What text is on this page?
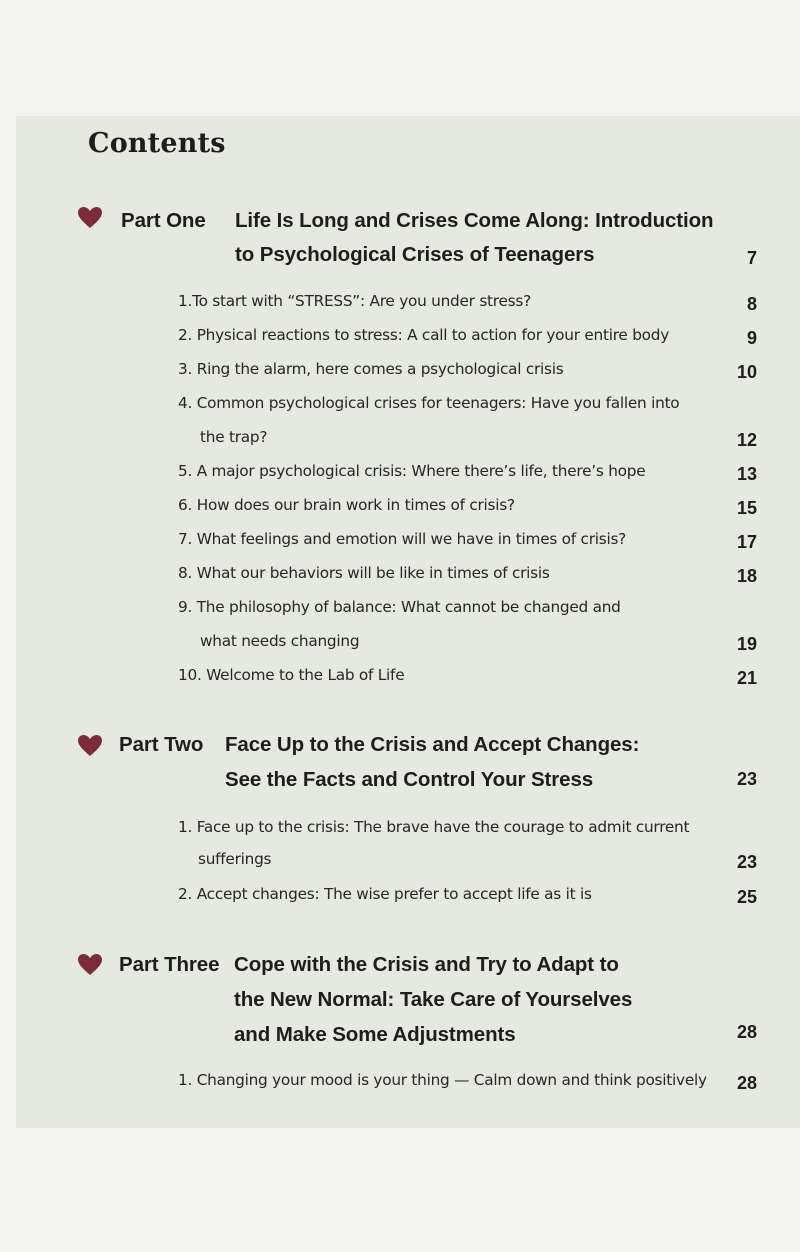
Contents
Part One Life Is Long and Crises Come Along: Introduction
to Psychological Crises of Teenagers	7
1.To start with “STRESS”: Are you under stress?	8
2. Physical reactions to stress: A call to action for your entire body	9
3. Ring the alarm, here comes a psychological crisis	10
4. Common psychological crises for teenagers: Have you fallen into
the trap?	12
5. A major psychological crisis: Where there’s life, there’s hope	13
6. How does our brain work in times of crisis?	15
7. What feelings and emotion will we have in times of crisis?	17
8. What our behaviors will be like in times of crisis	18
9. The philosophy of balance: What cannot be changed and
what needs changing	19
10. Welcome to the Lab of Life	21
Part Two Face Up to the Crisis and Accept Changes:
See the Facts and Control Your Stress	23
1. Face up to the crisis: The brave have the courage to admit current
sufferings	23
2. Accept changes: The wise prefer to accept life as it is	25
Part Three Cope with the Crisis and Try to Adapt to
the New Normal: Take Care of Yourselves
and Make Some Adjustments	28
1. Changing your mood is your thing — Calm down and think positively	28
